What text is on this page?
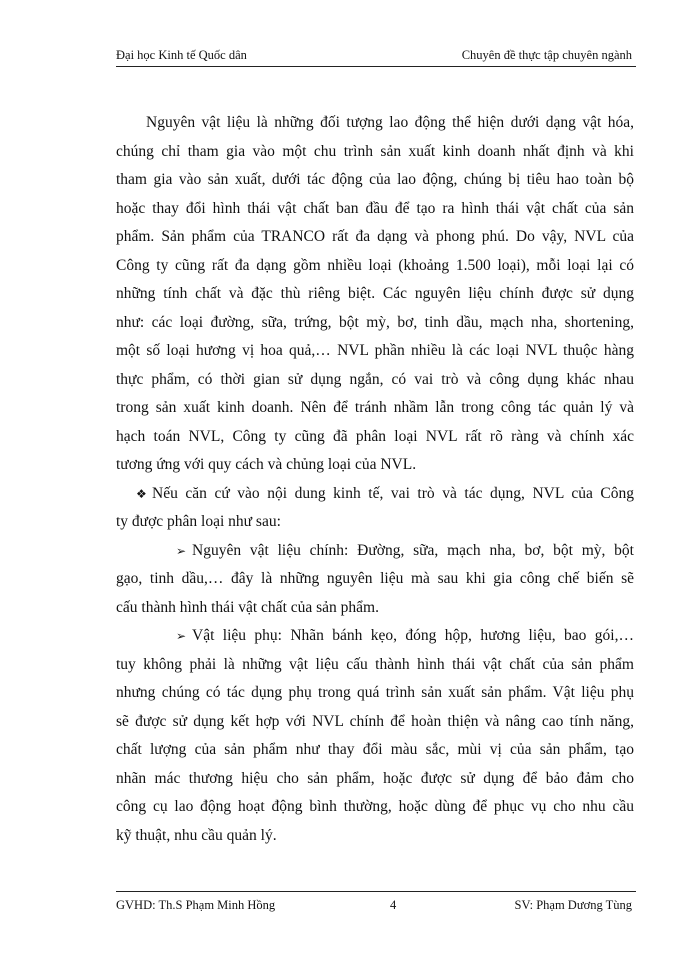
Đại học Kinh tế Quốc dân	Chuyên đề thực tập chuyên ngành
Nguyên vật liệu là những đối tượng lao động thể hiện dưới dạng vật hóa,
chúng chỉ tham gia vào một chu trình sản xuất kinh doanh nhất định và khi
tham gia vào sản xuất, dưới tác động của lao động, chúng bị tiêu hao toàn bộ
hoặc thay đổi hình thái vật chất ban đầu để tạo ra hình thái vật chất của sản
phẩm. Sản phẩm của TRANCO rất đa dạng và phong phú. Do vậy, NVL của
Công ty cũng rất đa dạng gồm nhiều loại (khoảng 1.500 loại), mỗi loại lại có
những tính chất và đặc thù riêng biệt. Các nguyên liệu chính được sử dụng
như: các loại đường, sữa, trứng, bột mỳ, bơ, tinh dầu, mạch nha, shortening,
một số loại hương vị hoa quả,… NVL phần nhiều là các loại NVL thuộc hàng
thực phẩm, có thời gian sử dụng ngắn, có vai trò và công dụng khác nhau
trong sản xuất kinh doanh. Nên để tránh nhầm lẫn trong công tác quản lý và
hạch toán NVL, Công ty cũng đã phân loại NVL rất rõ ràng và chính xác
tương ứng với quy cách và chủng loại của NVL.
❖ Nếu căn cứ vào nội dung kinh tế, vai trò và tác dụng, NVL của Công
ty được phân loại như sau:
➢ Nguyên vật liệu chính: Đường, sữa, mạch nha, bơ, bột mỳ, bột
gạo, tinh dầu,… đây là những nguyên liệu mà sau khi gia công chế biến sẽ
cấu thành hình thái vật chất của sản phẩm.
➢ Vật liệu phụ: Nhãn bánh kẹo, đóng hộp, hương liệu, bao gói,…
tuy không phải là những vật liệu cấu thành hình thái vật chất của sản phẩm
nhưng chúng có tác dụng phụ trong quá trình sản xuất sản phẩm. Vật liệu phụ
sẽ được sử dụng kết hợp với NVL chính để hoàn thiện và nâng cao tính năng,
chất lượng của sản phẩm như thay đổi màu sắc, mùi vị của sản phẩm, tạo
nhãn mác thương hiệu cho sản phẩm, hoặc được sử dụng để bảo đảm cho
công cụ lao động hoạt động bình thường, hoặc dùng để phục vụ cho nhu cầu
kỹ thuật, nhu cầu quản lý.
GVHD: Th.S Phạm Minh Hồng	4	SV: Phạm Dương Tùng
